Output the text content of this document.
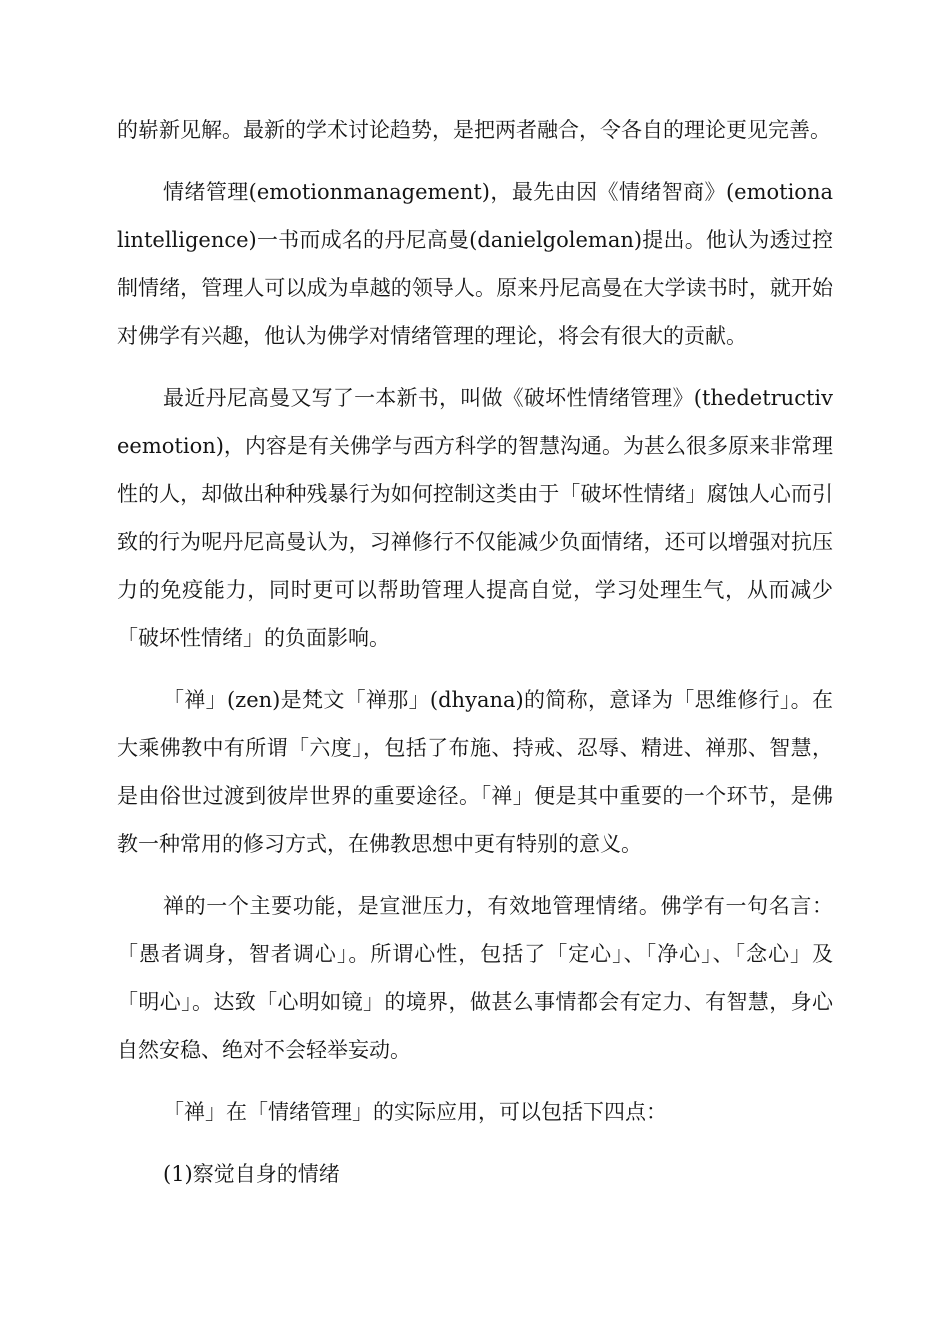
的崭新见解。最新的学术讨论趋势，是把两者融合，令各自的理论更见完善。

情绪管理(emotionmanagement)，最先由因《情绪智商》(emotionalintelligence)一书而成名的丹尼高曼(danielgoleman)提出。他认为透过控制情绪，管理人可以成为卓越的领导人。原来丹尼高曼在大学读书时，就开始对佛学有兴趣，他认为佛学对情绪管理的理论，将会有很大的贡献。

最近丹尼高曼又写了一本新书，叫做《破坏性情绪管理》(thedetructiveemotion)，内容是有关佛学与西方科学的智慧沟通。为甚么很多原来非常理性的人，却做出种种残暴行为如何控制这类由于「破坏性情绪」腐蚀人心而引致的行为呢丹尼高曼认为，习禅修行不仅能减少负面情绪，还可以增强对抗压力的免疫能力，同时更可以帮助管理人提高自觉，学习处理生气，从而减少「破坏性情绪」的负面影响。

「禅」(zen)是梵文「禅那」(dhyana)的简称，意译为「思维修行」。在大乘佛教中有所谓「六度」，包括了布施、持戒、忍辱、精进、禅那、智慧，是由俗世过渡到彼岸世界的重要途径。「禅」便是其中重要的一个环节，是佛教一种常用的修习方式，在佛教思想中更有特别的意义。

禅的一个主要功能，是宣泄压力，有效地管理情绪。佛学有一句名言：「愚者调身，智者调心」。所谓心性，包括了「定心」、「净心」、「念心」及「明心」。达致「心明如镜」的境界，做甚么事情都会有定力、有智慧，身心自然安稳、绝对不会轻举妄动。

「禅」在「情绪管理」的实际应用，可以包括下四点：

(1)察觉自身的情绪
